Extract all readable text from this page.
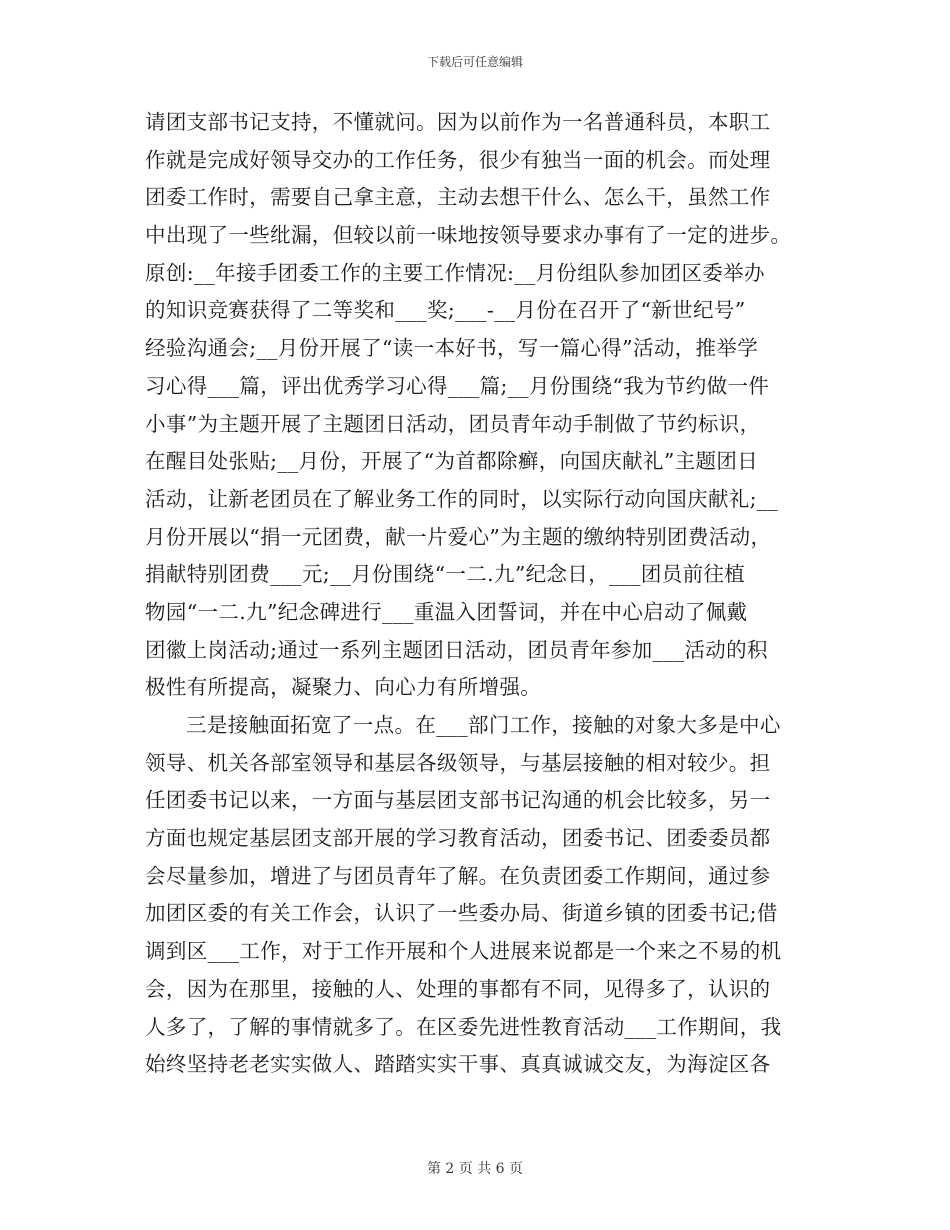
下载后可任意编辑
请团支部书记支持，不懂就问。因为以前作为一名普通科员，本职工
作就是完成好领导交办的工作任务，很少有独当一面的机会。而处理
团委工作时，需要自己拿主意，主动去想干什么、怎么干，虽然工作
中出现了一些纰漏，但较以前一味地按领导要求办事有了一定的进步。
原创:__年接手团委工作的主要工作情况:__月份组队参加团区委举办
的知识竞赛获得了二等奖和___奖;___-__月份在召开了“新世纪号”
经验沟通会;__月份开展了“读一本好书，写一篇心得”活动，推举学
习心得___篇，评出优秀学习心得___篇;__月份围绕“我为节约做一件
小事”为主题开展了主题团日活动，团员青年动手制做了节约标识，
在醒目处张贴;__月份，开展了“为首都除癣，向国庆献礼”主题团日
活动，让新老团员在了解业务工作的同时，以实际行动向国庆献礼;__
月份开展以“捐一元团费，献一片爱心”为主题的缴纳特别团费活动，
捐献特别团费___元;__月份围绕“一二.九”纪念日，___团员前往植
物园“一二.九”纪念碑进行___重温入团誓词，并在中心启动了佩戴
团徽上岗活动;通过一系列主题团日活动，团员青年参加___活动的积
极性有所提高，凝聚力、向心力有所增强。
三是接触面拓宽了一点。在___部门工作，接触的对象大多是中心
领导、机关各部室领导和基层各级领导，与基层接触的相对较少。担
任团委书记以来，一方面与基层团支部书记沟通的机会比较多，另一
方面也规定基层团支部开展的学习教育活动，团委书记、团委委员都
会尽量参加，增进了与团员青年了解。在负责团委工作期间，通过参
加团区委的有关工作会，认识了一些委办局、街道乡镇的团委书记;借
调到区___工作，对于工作开展和个人进展来说都是一个来之不易的机
会，因为在那里，接触的人、处理的事都有不同，见得多了，认识的
人多了，了解的事情就多了。在区委先进性教育活动___工作期间，我
始终坚持老老实实做人、踏踏实实干事、真真诚诚交友，为海淀区各
第 2 页 共 6 页
